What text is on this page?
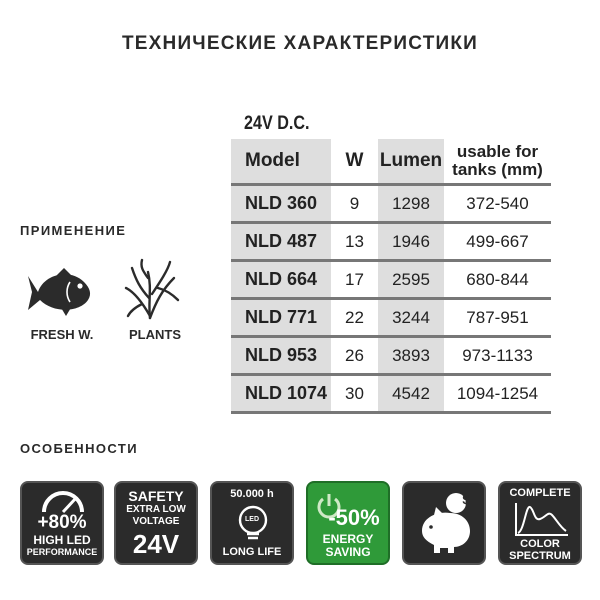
ТЕХНИЧЕСКИЕ ХАРАКТЕРИСТИКИ
24V D.C.
Model	W	Lumen	usable for
tanks (mm)
NLD 360	9	1298	372-540
NLD 487	13	1946	499-667
NLD 664	17	2595	680-844
NLD 771	22	3244	787-951
NLD 953	26	3893	973-1133
NLD 1074	30	4542	1094-1254
ПРИМЕНЕНИЕ
FRESH W.	PLANTS
ОСОБЕННОСТИ
+80%
HIGH LED
PERFORMANCE
SAFETY
EXTRA LOW
VOLTAGE
24V
50.000 h
LED
LONG LIFE
-50%
ENERGY
SAVING
$	COMPLETE
COLOR
SPECTRUM
